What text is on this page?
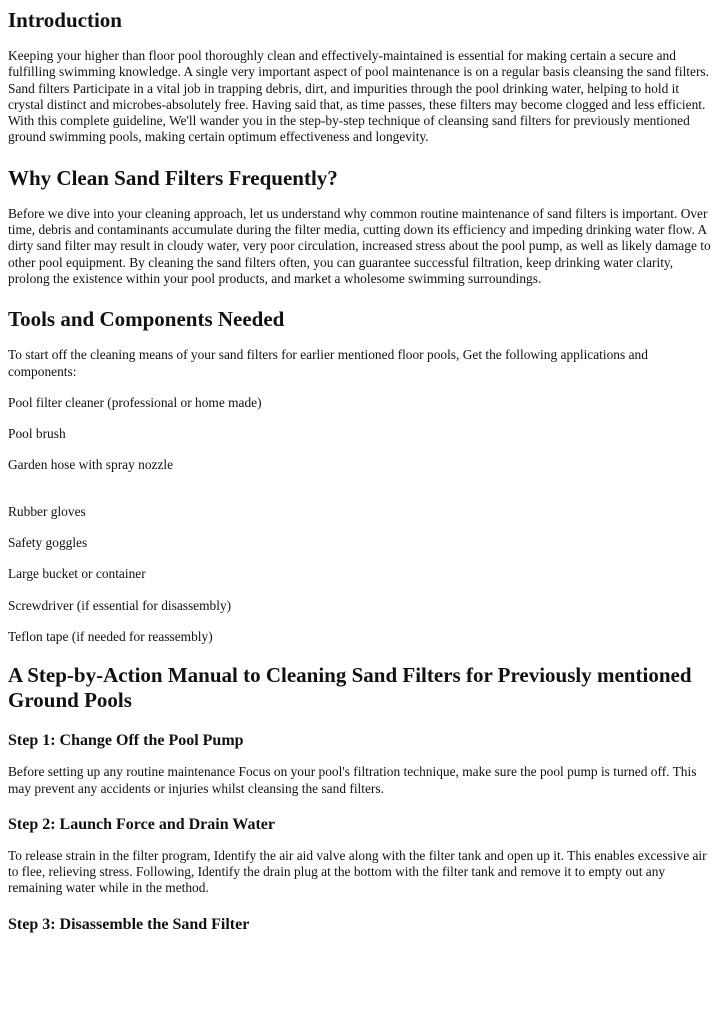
Introduction

Keeping your higher than floor pool thoroughly clean and effectively-maintained is essential for making certain a secure and fulfilling swimming knowledge. A single very important aspect of pool maintenance is on a regular basis cleansing the sand filters. Sand filters Participate in a vital job in trapping debris, dirt, and impurities through the pool drinking water, helping to hold it crystal distinct and microbes-absolutely free. Having said that, as time passes, these filters may become clogged and less efficient. With this complete guideline, We'll wander you in the step-by-step technique of cleansing sand filters for previously mentioned ground swimming pools, making certain optimum effectiveness and longevity.

Why Clean Sand Filters Frequently?

Before we dive into your cleaning approach, let us understand why common routine maintenance of sand filters is important. Over time, debris and contaminants accumulate during the filter media, cutting down its efficiency and impeding drinking water flow. A dirty sand filter may result in cloudy water, very poor circulation, increased stress about the pool pump, as well as likely damage to other pool equipment. By cleaning the sand filters often, you can guarantee successful filtration, keep drinking water clarity, prolong the existence within your pool products, and market a wholesome swimming surroundings.

Tools and Components Needed

To start off the cleaning means of your sand filters for earlier mentioned floor pools, Get the following applications and components:

Pool filter cleaner (professional or home made)

Pool brush

Garden hose with spray nozzle

Rubber gloves

Safety goggles

Large bucket or container

Screwdriver (if essential for disassembly)

Teflon tape (if needed for reassembly)

A Step-by-Action Manual to Cleaning Sand Filters for Previously mentioned Ground Pools
Step 1: Change Off the Pool Pump

Before setting up any routine maintenance Focus on your pool's filtration technique, make sure the pool pump is turned off. This may prevent any accidents or injuries whilst cleansing the sand filters.

Step 2: Launch Force and Drain Water

To release strain in the filter program, Identify the air aid valve along with the filter tank and open up it. This enables excessive air to flee, relieving stress. Following, Identify the drain plug at the bottom with the filter tank and remove it to empty out any remaining water while in the method.

Step 3: Disassemble the Sand Filter
